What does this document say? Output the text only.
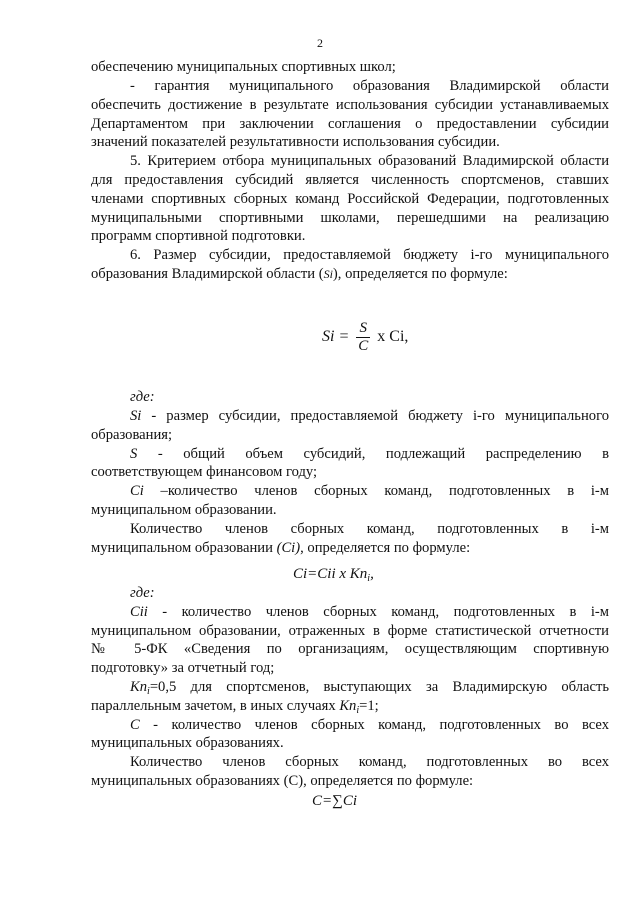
2
обеспечению муниципальных спортивных школ;
- гарантия муниципального образования Владимирской области
обеспечить достижение в результате использования субсидии устанавливаемых
Департаментом при заключении соглашения о предоставлении субсидии
значений показателей результативности использования субсидии.
5. Критерием отбора муниципальных образований Владимирской области
для предоставления субсидий является численность спортсменов, ставших
членами спортивных сборных команд Российской Федерации, подготовленных
муниципальными спортивными школами, перешедшими на реализацию
программ спортивной подготовки.
6. Размер субсидии, предоставляемой бюджету i-го муниципального
образования Владимирской области (Si), определяется по формуле:
$Si = \frac{S}{C}$ x Ci,
где:
Si - размер субсидии, предоставляемой бюджету i-го муниципального
образования;
S - общий объем субсидий, подлежащий распределению в
соответствующем финансовом году;
Ci –количество членов сборных команд, подготовленных в i-м
муниципальном образовании.
Количество членов сборных команд, подготовленных в i-м
муниципальном образовании (Ci), определяется по формуле:
Ci=Cii x $Kn_i$,
где:
Cii - количество членов сборных команд, подготовленных в i-м
муниципальном образовании, отраженных в форме статистической отчетности
№ 5-ФК «Сведения по организациям, осуществляющим спортивную
подготовку» за отчетный год;
$Kn_i=0,5$ для спортсменов, выступающих за Владимирскую область
параллельным зачетом, в иных случаях $Kn_i=1$;
C - количество членов сборных команд, подготовленных во всех
муниципальных образованиях.
Количество членов сборных команд, подготовленных во всех
муниципальных образованиях (С), определяется по формуле:
C=∑Ci
